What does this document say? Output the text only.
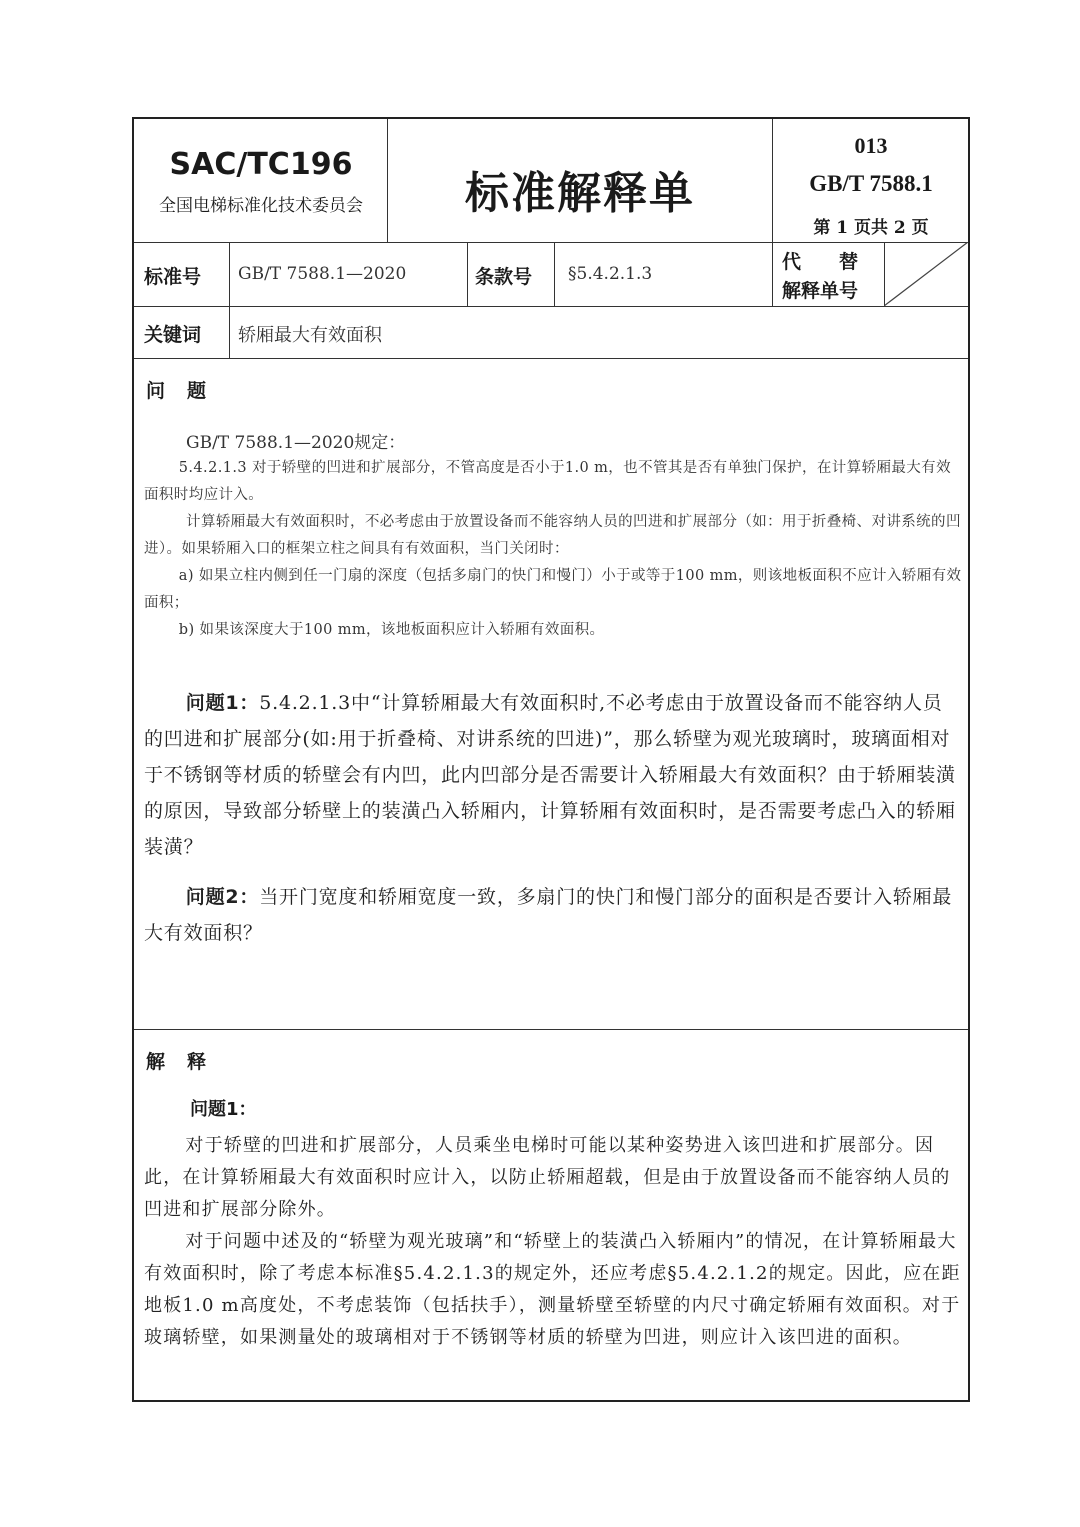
SAC/TC196
全国电梯标准化技术委员会	标准解释单
013
GB/T 7588.1
第 1 页共 2 页
标准号 GB/T 7588.1—2020	条款号 §5.4.2.1.3
代　　替
解释单号
关键词 轿厢最大有效面积
问题
GB/T 7588.1—2020规定：

5.4.2.1.3 对于轿壁的凹进和扩展部分，不管高度是否小于1.0 m，也不管其是否有单独门保护，在计算轿厢最大有效面积时均应计入。

计算轿厢最大有效面积时，不必考虑由于放置设备而不能容纳人员的凹进和扩展部分（如：用于折叠椅、对讲系统的凹进）。如果轿厢入口的框架立柱之间具有有效面积，当门关闭时：

a) 如果立柱内侧到任一门扇的深度（包括多扇门的快门和慢门）小于或等于100 mm，则该地板面积不应计入轿厢有效面积；

b) 如果该深度大于100 mm，该地板面积应计入轿厢有效面积。

问题1：5.4.2.1.3中“计算轿厢最大有效面积时,不必考虑由于放置设备而不能容纳人员的凹进和扩展部分(如:用于折叠椅、对讲系统的凹进)”，那么轿壁为观光玻璃时，玻璃面相对于不锈钢等材质的轿壁会有内凹，此内凹部分是否需要计入轿厢最大有效面积？由于轿厢装潢的原因，导致部分轿壁上的装潢凸入轿厢内，计算轿厢有效面积时，是否需要考虑凸入的轿厢装潢？

问题2：当开门宽度和轿厢宽度一致，多扇门的快门和慢门部分的面积是否要计入轿厢最大有效面积？

解释
问题1：

对于轿壁的凹进和扩展部分，人员乘坐电梯时可能以某种姿势进入该凹进和扩展部分。因此，在计算轿厢最大有效面积时应计入，以防止轿厢超载，但是由于放置设备而不能容纳人员的凹进和扩展部分除外。

对于问题中述及的“轿壁为观光玻璃”和“轿壁上的装潢凸入轿厢内”的情况，在计算轿厢最大有效面积时，除了考虑本标准§5.4.2.1.3的规定外，还应考虑§5.4.2.1.2的规定。因此，应在距地板1.0 m高度处，不考虑装饰（包括扶手），测量轿壁至轿壁的内尺寸确定轿厢有效面积。对于玻璃轿壁，如果测量处的玻璃相对于不锈钢等材质的轿壁为凹进，则应计入该凹进的面积。
